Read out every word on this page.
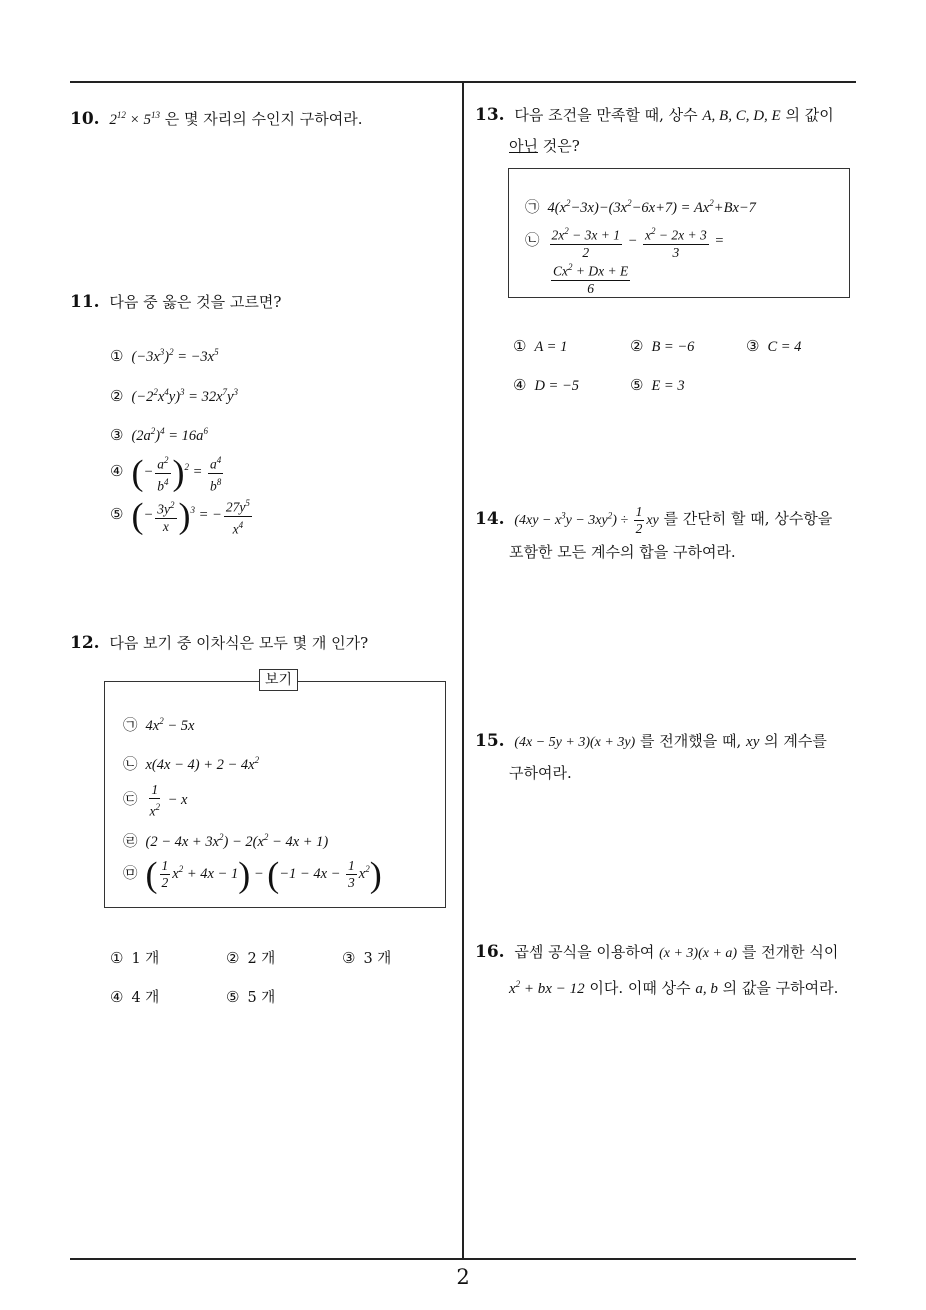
10. $2^{12} \times 5^{13}$ 은 몇 자리의 수인지 구하여라.
11. 다음 중 옳은 것을 고르면?
① $(-3x^3)^2 = -3x^5$
② $(-2^2x^4y)^3 = 32x^7y^3$
③ $(2a^2)^4 = 16a^6$
④ (− $\frac{a^2}{b^4} )^2 = \frac{a^4}{b^8}$
⑤ (− $\frac{3y^2}{x} )^3$ = − $\frac{27y^5}{x^4}$
12. 다음 보기 중 이차식은 모두 몇 개 인가?
보기
㉠ $4x^2 - 5x$
㉡ $x(4x - 4) + 2 - 4x^2$
㉢ $\frac{1}{x^2} - x$
㉣ $(2 - 4x + 3x^2) - 2(x^2 - 4x + 1)$
㉤ ( $\frac{1}{2} x^2 + 4x - 1) - (-1 - 4x - \frac{1}{3} x^2)$
① 1 개	② 2 개	③ 3 개
④ 4 개	⑤ 5 개
13. 다음 조건을 만족할 때, 상수 A, B, C, D, E 의 값이
아닌 것은?
㉠ $4(x^2-3x)-(3x^2-6x+7) = Ax^2+Bx-7$
㉡ $\frac{2x^2 - 3x + 1}{2} - \frac{x^2 - 2x + 3}{3}$ =
$\frac{Cx^2 + Dx + E}{6}$
① A = 1	② B = −6	③ C = 4
④ D = −5	⑤ E = 3
14. $(4xy - x^3y - 3xy^2) \div \frac{1}{2}$ xy 를 간단히 할 때, 상수항을
포함한 모든 계수의 합을 구하여라.
15. (4x − 5y + 3)(x + 3y) 를 전개했을 때, xy 의 계수를
구하여라.
16. 곱셈 공식을 이용하여 (x + 3)(x + a) 를 전개한 식이
$x^2$ + bx − 12 이다. 이때 상수 a, b 의 값을 구하여라.
2
